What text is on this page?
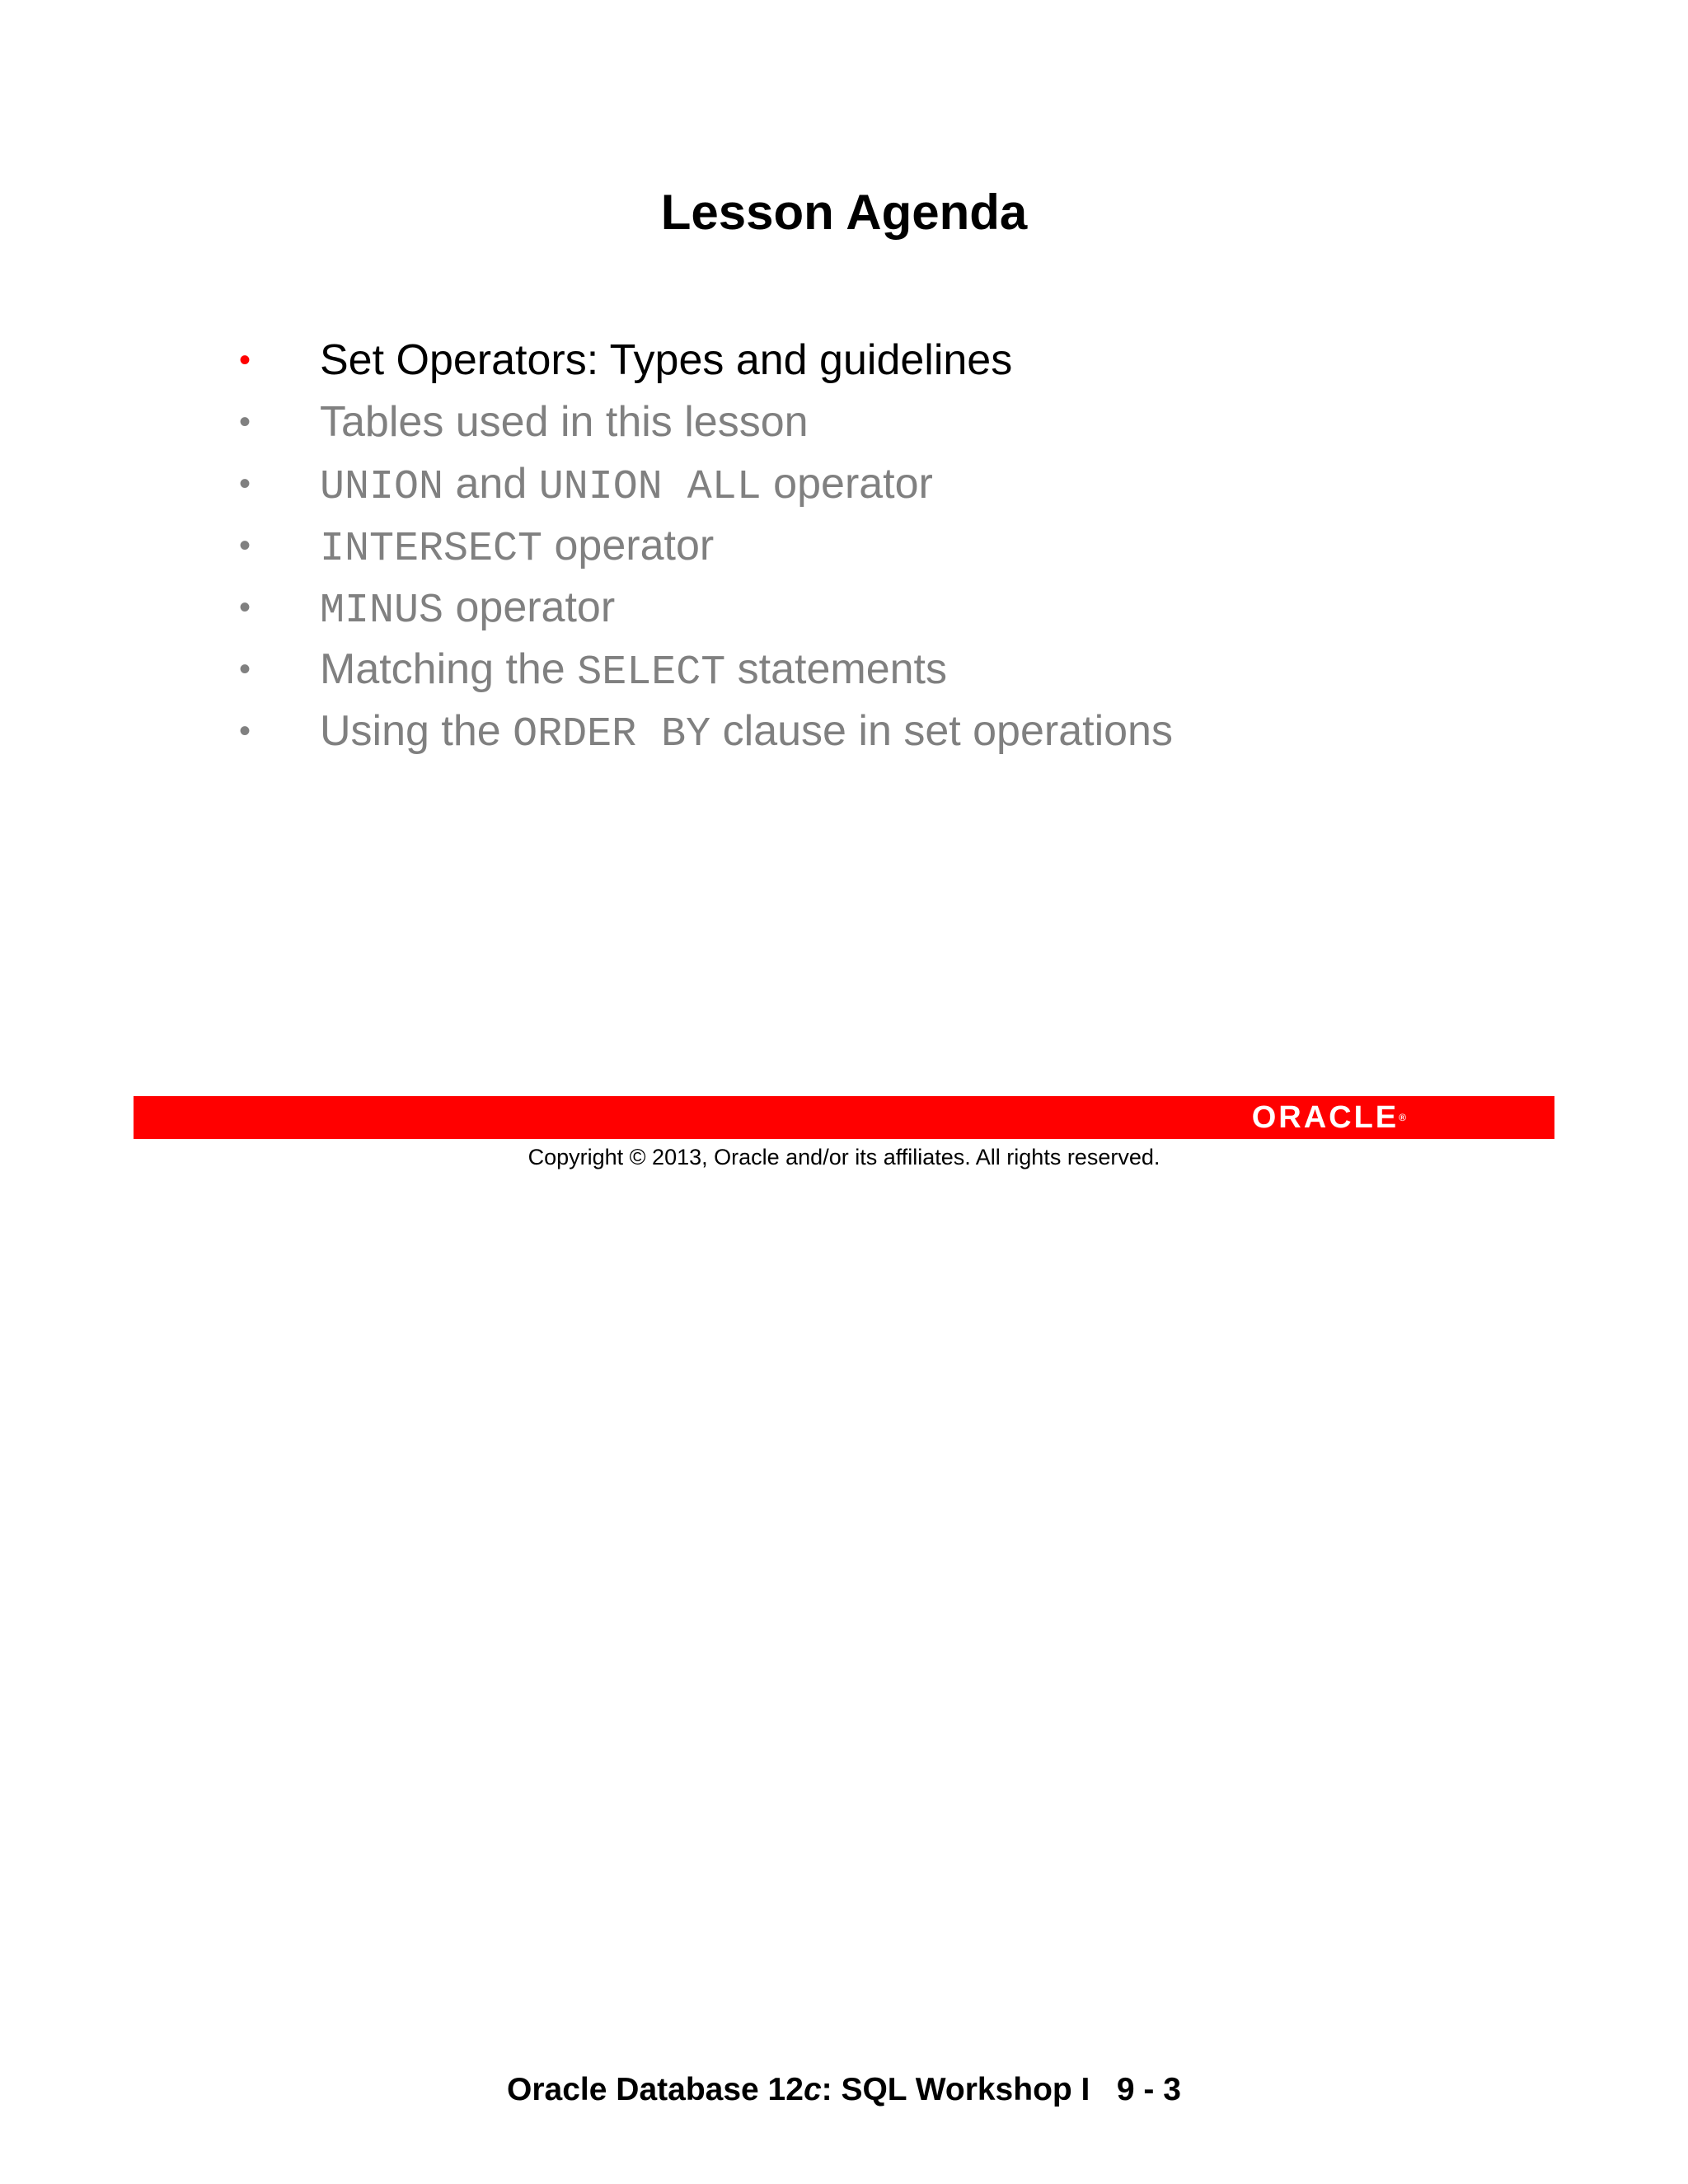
Lesson Agenda
•	Set Operators: Types and guidelines
•	Tables used in this lesson
•	UNION and UNION ALL operator
•	INTERSECT operator
•	MINUS operator
•	Matching the SELECT statements
•	Using the ORDER BY clause in set operations
ORACLE®
Copyright © 2013, Oracle and/or its affiliates. All rights reserved.
Oracle Database 12c: SQL Workshop I 9 - 3
